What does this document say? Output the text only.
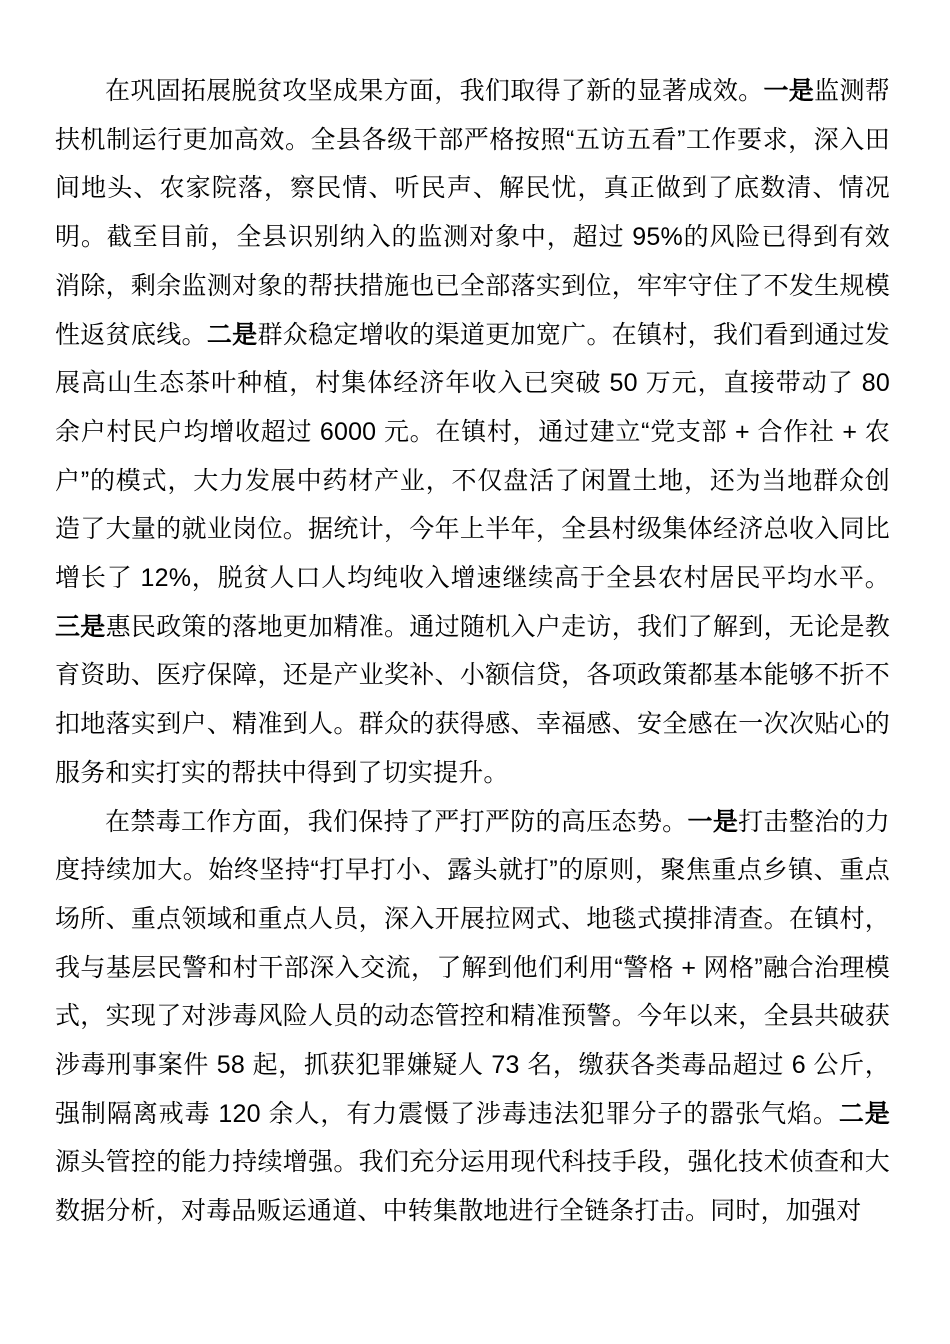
在巩固拓展脱贫攻坚成果方面，我们取得了新的显著成效。一是监测帮扶机制运行更加高效。全县各级干部严格按照“五访五看”工作要求，深入田间地头、农家院落，察民情、听民声、解民忧，真正做到了底数清、情况明。截至目前，全县识别纳入的监测对象中，超过 95%的风险已得到有效消除，剩余监测对象的帮扶措施也已全部落实到位，牢牢守住了不发生规模性返贫底线。二是群众稳定增收的渠道更加宽广。在镇村，我们看到通过发展高山生态茶叶种植，村集体经济年收入已突破 50 万元，直接带动了 80 余户村民户均增收超过 6000 元。在镇村，通过建立“党支部 + 合作社 + 农户”的模式，大力发展中药材产业，不仅盘活了闲置土地，还为当地群众创造了大量的就业岗位。据统计，今年上半年，全县村级集体经济总收入同比增长了 12%，脱贫人口人均纯收入增速继续高于全县农村居民平均水平。三是惠民政策的落地更加精准。通过随机入户走访，我们了解到，无论是教育资助、医疗保障，还是产业奖补、小额信贷，各项政策都基本能够不折不扣地落实到户、精准到人。群众的获得感、幸福感、安全感在一次次贴心的服务和实打实的帮扶中得到了切实提升。

在禁毒工作方面，我们保持了严打严防的高压态势。一是打击整治的力度持续加大。始终坚持“打早打小、露头就打”的原则，聚焦重点乡镇、重点场所、重点领域和重点人员，深入开展拉网式、地毯式摸排清查。在镇村，我与基层民警和村干部深入交流，了解到他们利用“警格 + 网格”融合治理模式，实现了对涉毒风险人员的动态管控和精准预警。今年以来，全县共破获涉毒刑事案件 58 起，抓获犯罪嫌疑人 73 名，缴获各类毒品超过 6 公斤，强制隔离戒毒 120 余人，有力震慑了涉毒违法犯罪分子的嚣张气焰。二是源头管控的能力持续增强。我们充分运用现代科技手段，强化技术侦查和大数据分析，对毒品贩运通道、中转集散地进行全链条打击。同时，加强对
